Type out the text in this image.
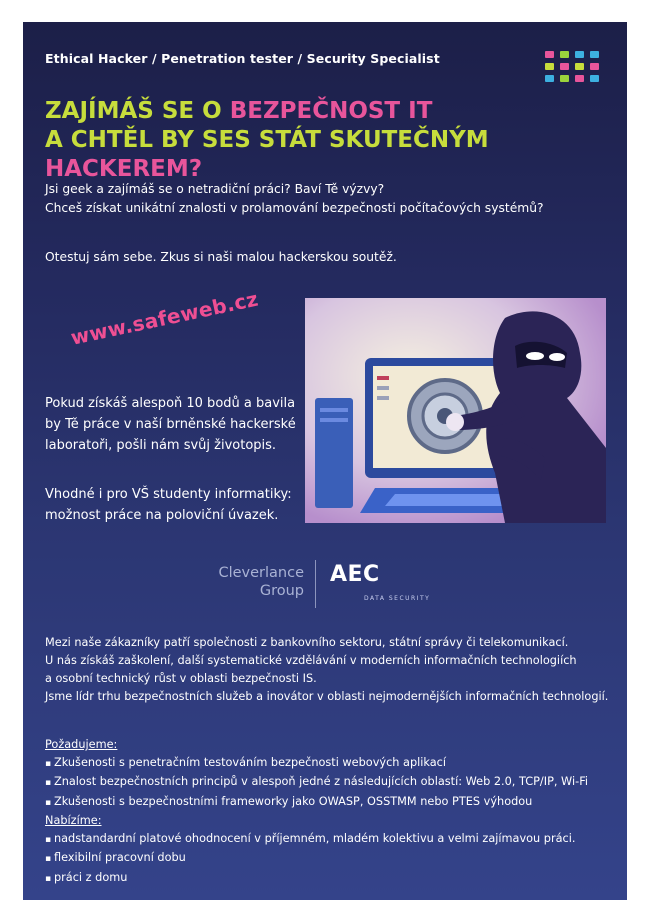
Ethical Hacker / Penetration tester / Security Specialist
ZAJÍMÁŠ SE O BEZPEČNOST IT
A CHTĚL BY SES STÁT SKUTEČNÝM HACKEREM?
Jsi geek a zajímáš se o netradiční práci? Baví Tě výzvy?
Chceš získat unikátní znalosti v prolamování bezpečnosti počítačových systémů?
Otestuj sám sebe. Zkus si naši malou hackerskou soutěž.
www.safeweb.cz
Pokud získáš alespoň 10 bodů a bavila
by Tě práce v naší brněnské hackerské
laboratoři, pošli nám svůj životopis.
Vhodné i pro VŠ studenty informatiky:
možnost práce na poloviční úvazek.
Cleverlance
Group
AEC
DATA SECURITY
Mezi naše zákazníky patří společnosti z bankovního sektoru, státní správy či telekomunikací.
U nás získáš zaškolení, další systematické vzdělávání v moderních informačních technologiích
a osobní technický růst v oblasti bezpečnosti IS.
Jsme lídr trhu bezpečnostních služeb a inovátor v oblasti nejmodernějších informačních technologií.
Požadujeme:
▪ Zkušenosti s penetračním testováním bezpečnosti webových aplikací
▪ Znalost bezpečnostních principů v alespoň jedné z následujících oblastí: Web 2.0, TCP/IP, Wi-Fi
▪ Zkušenosti s bezpečnostními frameworky jako OWASP, OSSTMM nebo PTES výhodou
Nabízíme:
▪ nadstandardní platové ohodnocení v příjemném, mladém kolektivu a velmi zajímavou práci.
▪ flexibilní pracovní dobu
▪ práci z domu
